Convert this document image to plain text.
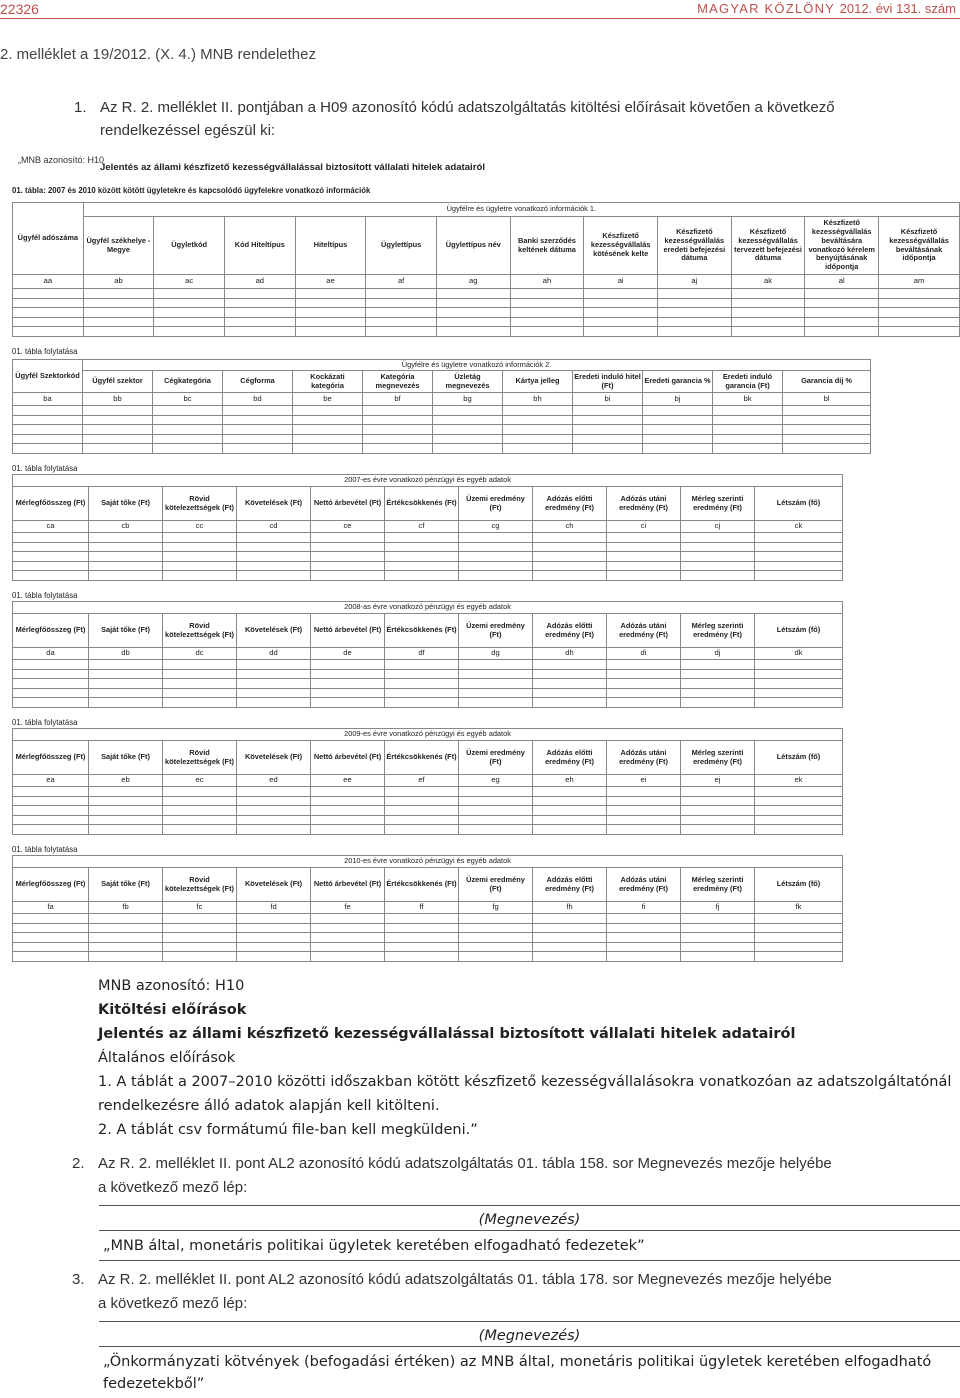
22326	MAGYAR KÖZLÖNY 2012. évi 131. szám
2. melléklet a 19/2012. (X. 4.) MNB rendelethez
1. Az R. 2. melléklet II. pontjában a H09 azonosító kódú adatszolgáltatás kitöltési előírásait követően a következő
rendelkezéssel egészül ki:
„MNB azonosító: H10
Jelentés az állami készfizető kezességvállalással biztosított vállalati hitelek adatairól
01. tábla: 2007 és 2010 között kötött ügyletekre és kapcsolódó ügyfelekre vonatkozó információk
Ügyfél adószáma	Ügyfélre és ügyletre vonatkozó információk 1.											
	Ügyfél székhelye - Megye	Ügyletkód	Kód Hiteltípus	Hiteltípus	Ügylettípus	Ügylettípus név	Banki szerződés keltének dátuma	Készfizető kezességvállalás kötésének kelte	Készfizető kezességvállalás eredeti befejezési dátuma	Készfizető kezességvállalás tervezett befejezési dátuma	Készfizető kezességvállalás beváltására vonatkozó kérelem benyújtásának időpontja	Készfizető kezességvállalás beváltásának időpontja
aa	ab	ac	ad	ae	af	ag	ah	ai	aj	ak	al	am

01. tábla folytatása
Ügyfél Szektorkód	Ügyfélre és ügyletre vonatkozó információk 2.										
	Ügyfél szektor	Cégkategória	Cégforma	Kockázati kategória	Kategória megnevezés	Üzletág megnevezés	Kártya jelleg	Eredeti induló hitel (Ft)	Eredeti garancia %	Eredeti induló garancia (Ft)	Garancia díj %
ba	bb	bc	bd	be	bf	bg	bh	bi	bj	bk	bl

01. tábla folytatása
2007-es évre vonatkozó pénzügyi és egyéb adatok										
Mérlegfőösszeg (Ft)	Saját tőke (Ft)	Rövid kötelezettségek (Ft)	Követelések (Ft)	Nettó árbevétel (Ft)	Értékcsökkenés (Ft)	Üzemi eredmény (Ft)	Adózás előtti eredmény (Ft)	Adózás utáni eredmény (Ft)	Mérleg szerinti eredmény (Ft)	Létszám (fő)
ca	cb	cc	cd	ce	cf	cg	ch	ci	cj	ck

01. tábla folytatása
2008-as évre vonatkozó pénzügyi és egyéb adatok										
Mérlegfőösszeg (Ft)	Saját tőke (Ft)	Rövid kötelezettségek (Ft)	Követelések (Ft)	Nettó árbevétel (Ft)	Értékcsökkenés (Ft)	Üzemi eredmény (Ft)	Adózás előtti eredmény (Ft)	Adózás utáni eredmény (Ft)	Mérleg szerinti eredmény (Ft)	Létszám (fő)
da	db	dc	dd	de	df	dg	dh	di	dj	dk

01. tábla folytatása
2009-es évre vonatkozó pénzügyi és egyéb adatok										
Mérlegfőösszeg (Ft)	Saját tőke (Ft)	Rövid kötelezettségek (Ft)	Követelések (Ft)	Nettó árbevétel (Ft)	Értékcsökkenés (Ft)	Üzemi eredmény (Ft)	Adózás előtti eredmény (Ft)	Adózás utáni eredmény (Ft)	Mérleg szerinti eredmény (Ft)	Létszám (fő)
ea	eb	ec	ed	ee	ef	eg	eh	ei	ej	ek

01. tábla folytatása
2010-es évre vonatkozó pénzügyi és egyéb adatok										
Mérlegfőösszeg (Ft)	Saját tőke (Ft)	Rövid kötelezettségek (Ft)	Követelések (Ft)	Nettó árbevétel (Ft)	Értékcsökkenés (Ft)	Üzemi eredmény (Ft)	Adózás előtti eredmény (Ft)	Adózás utáni eredmény (Ft)	Mérleg szerinti eredmény (Ft)	Létszám (fő)
fa	fb	fc	fd	fe	ff	fg	fh	fi	fj	fk

MNB azonosító: H10
Kitöltési előírások
Jelentés az állami készfizető kezességvállalással biztosított vállalati hitelek adatairól
Általános előírások
1. A táblát a 2007–2010 közötti időszakban kötött készfizető kezességvállalásokra vonatkozóan az adatszolgáltatónál
rendelkezésre álló adatok alapján kell kitölteni.
2. A táblát csv formátumú file-ban kell megküldeni.”
2. Az R. 2. melléklet II. pont AL2 azonosító kódú adatszolgáltatás 01. tábla 158. sor Megnevezés mezője helyébe
a következő mező lép:
(Megnevezés)
„MNB által, monetáris politikai ügyletek keretében elfogadható fedezetek”
3. Az R. 2. melléklet II. pont AL2 azonosító kódú adatszolgáltatás 01. tábla 178. sor Megnevezés mezője helyébe
a következő mező lép:
(Megnevezés)
„Önkormányzati kötvények (befogadási értéken) az MNB által, monetáris politikai ügyletek keretében elfogadható
fedezetekből”
